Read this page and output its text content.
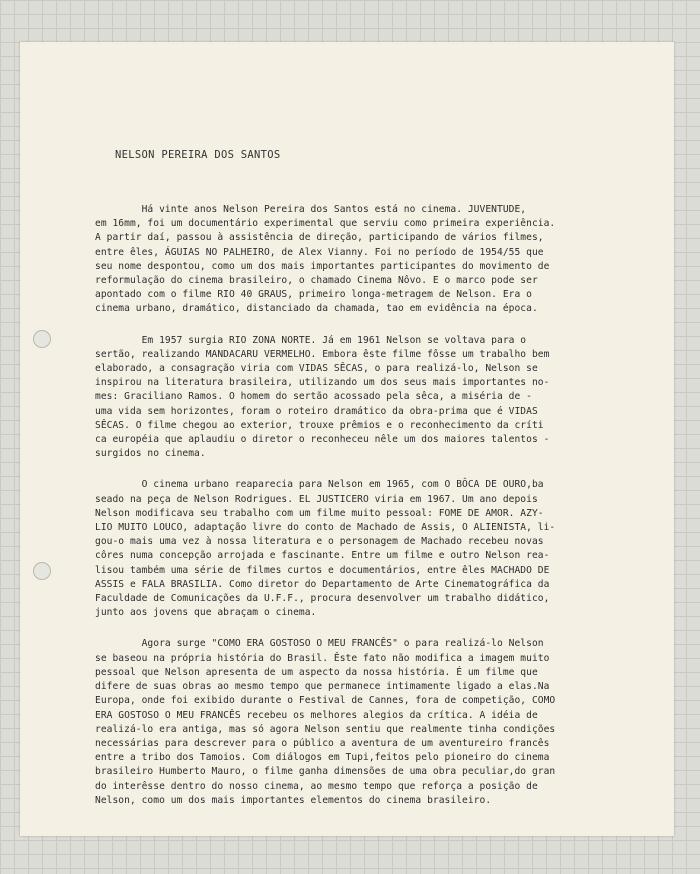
NELSON PEREIRA DOS SANTOS
Há vinte anos Nelson Pereira dos Santos está no cinema. JUVENTUDE,
em 16mm, foi um documentário experimental que serviu como primeira experiência.
A partir daí, passou à assistência de direção, participando de vários filmes,
entre êles, ÁGUIAS NO PALHEIRO, de Alex Vianny. Foi no período de 1954/55 que
seu nome despontou, como um dos mais importantes participantes do movimento de
reformulação do cinema brasileiro, o chamado Cinema Nôvo. E o marco pode ser
apontado com o filme RIO 40 GRAUS, primeiro longa-metragem de Nelson. Era o
cinema urbano, dramático, distanciado da chamada, tao em evidência na época.
Em 1957 surgia RIO ZONA NORTE. Já em 1961 Nelson se voltava para o
sertão, realizando MANDACARU VERMELHO. Embora êste filme fôsse um trabalho bem
elaborado, a consagração viria com VIDAS SÊCAS, o para realizá-lo, Nelson se
inspirou na literatura brasileira, utilizando um dos seus mais importantes no-
mes: Graciliano Ramos. O homem do sertão acossado pela sêca, a miséria de -
uma vida sem horizontes, foram o roteiro dramático da obra-prima que é VIDAS
SÊCAS. O filme chegou ao exterior, trouxe prêmios e o reconhecimento da críti
ca européia que aplaudiu o diretor o reconheceu nêle um dos maiores talentos -
surgidos no cinema.
O cinema urbano reaparecia para Nelson em 1965, com O BÔCA DE OURO,ba
seado na peça de Nelson Rodrigues. EL JUSTICERO viria em 1967. Um ano depois
Nelson modificava seu trabalho com um filme muito pessoal: FOME DE AMOR. AZY-
LIO MUITO LOUCO, adaptação livre do conto de Machado de Assis, O ALIENISTA, li-
gou-o mais uma vez à nossa literatura e o personagem de Machado recebeu novas
côres numa concepção arrojada e fascinante. Entre um filme e outro Nelson rea-
lisou também uma série de filmes curtos e documentários, entre êles MACHADO DE
ASSIS e FALA BRASILIA. Como diretor do Departamento de Arte Cinematográfica da
Faculdade de Comunicações da U.F.F., procura desenvolver um trabalho didático,
junto aos jovens que abraçam o cinema.
Agora surge "COMO ERA GOSTOSO O MEU FRANCÊS" o para realizá-lo Nelson
se baseou na própria história do Brasil. Êste fato não modifica a imagem muito
pessoal que Nelson apresenta de um aspecto da nossa história. É um filme que
difere de suas obras ao mesmo tempo que permanece intimamente ligado a elas.Na
Europa, onde foi exibido durante o Festival de Cannes, fora de competição, COMO
ERA GOSTOSO O MEU FRANCÊS recebeu os melhores alegios da crítica. A idéia de
realizá-lo era antiga, mas só agora Nelson sentiu que realmente tinha condições
necessárias para descrever para o público a aventura de um aventureiro francês
entre a tribo dos Tamoios. Com diálogos em Tupi,feitos pelo pioneiro do cinema
brasileiro Humberto Mauro, o filme ganha dimensões de uma obra peculiar,do gran
do interêsse dentro do nosso cinema, ao mesmo tempo que reforça a posição de
Nelson, como um dos mais importantes elementos do cinema brasileiro.
